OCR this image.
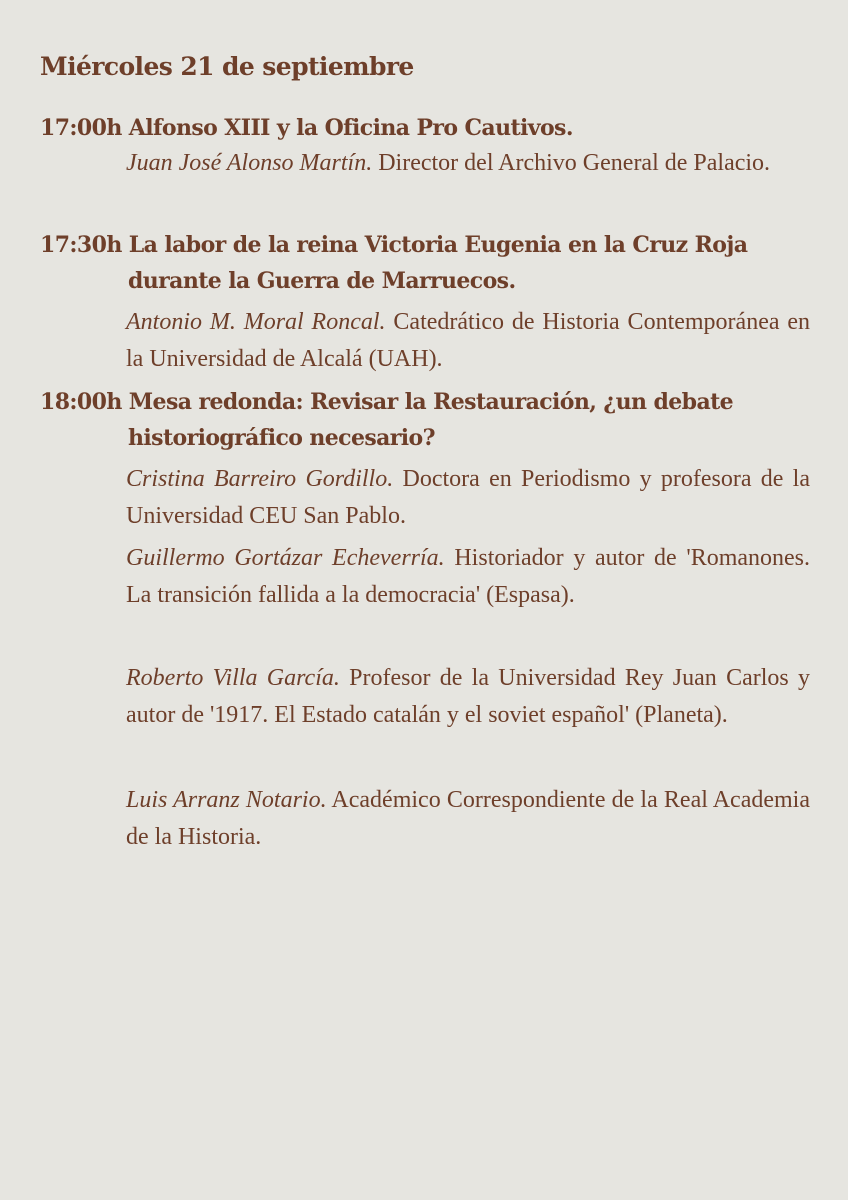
Miércoles 21 de septiembre
17:00h Alfonso XIII y la Oficina Pro Cautivos.
Juan José Alonso Martín. Director del Archivo General de Palacio.
17:30h La labor de la reina Victoria Eugenia en la Cruz Roja
durante la Guerra de Marruecos.
Antonio M. Moral Roncal. Catedrático de Historia Contemporánea en la Universidad de Alcalá (UAH).
18:00h Mesa redonda: Revisar la Restauración, ¿un debate
historiográfico necesario?
Cristina Barreiro Gordillo. Doctora en Periodismo y profesora de la Universidad CEU San Pablo.
Guillermo Gortázar Echeverría. Historiador y autor de 'Romanones. La transición fallida a la democracia' (Espasa).
Roberto Villa García. Profesor de la Universidad Rey Juan Carlos y autor de '1917. El Estado catalán y el soviet español' (Planeta).
Luis Arranz Notario. Académico Correspondiente de la Real Academia de la Historia.
